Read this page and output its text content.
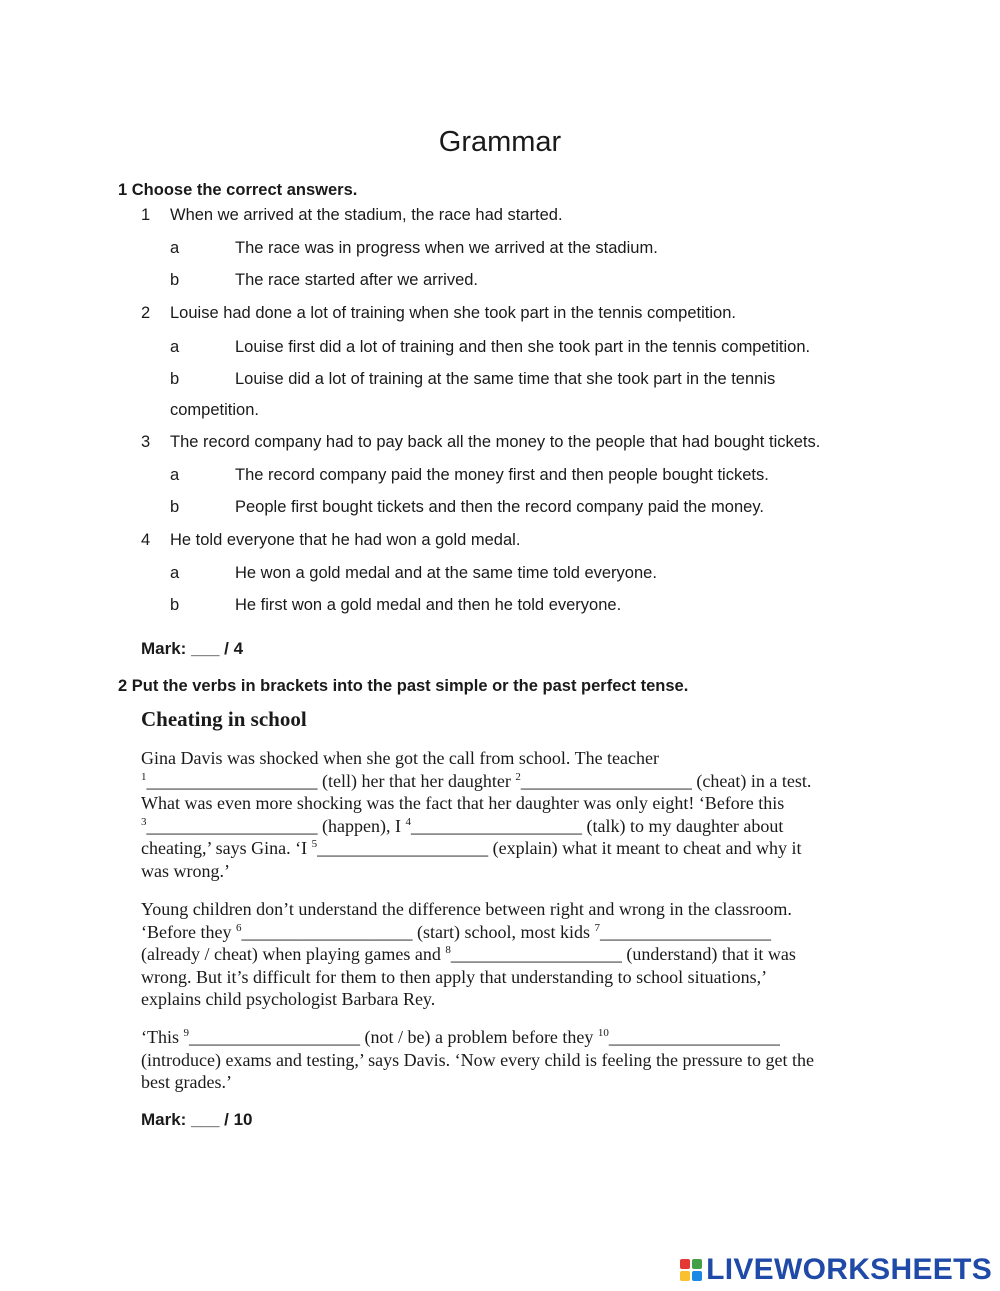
Grammar
1 Choose the correct answers.
1 When we arrived at the stadium, the race had started.
a	The race was in progress when we arrived at the stadium.
b	The race started after we arrived.
2 Louise had done a lot of training when she took part in the tennis competition.
a	Louise first did a lot of training and then she took part in the tennis competition.
b	Louise did a lot of training at the same time that she took part in the tennis
competition.
3 The record company had to pay back all the money to the people that had bought tickets.
a	The record company paid the money first and then people bought tickets.
b	People first bought tickets and then the record company paid the money.
4 He told everyone that he had won a gold medal.
a	He won a gold medal and at the same time told everyone.
b	He first won a gold medal and then he told everyone.
Mark: ___ / 4
2 Put the verbs in brackets into the past simple or the past perfect tense.
Cheating in school
Gina Davis was shocked when she got the call from school. The teacher
$^1$___________________ (tell) her that her daughter $^2$___________________ (cheat) in a test.
What was even more shocking was the fact that her daughter was only eight! ‘Before this
$^3$___________________ (happen), I $^4$___________________ (talk) to my daughter about
cheating,’ says Gina. ‘I $^5$___________________ (explain) what it meant to cheat and why it
was wrong.’
Young children don’t understand the difference between right and wrong in the classroom.
‘Before they $^6$___________________ (start) school, most kids $^7$___________________
(already / cheat) when playing games and $^8$___________________ (understand) that it was
wrong. But it’s difficult for them to then apply that understanding to school situations,’
explains child psychologist Barbara Rey.
‘This $^9$___________________ (not / be) a problem before they $^{10}$___________________
(introduce) exams and testing,’ says Davis. ‘Now every child is feeling the pressure to get the
best grades.’
Mark: ___ / 10
LIVEWORKSHEETS
